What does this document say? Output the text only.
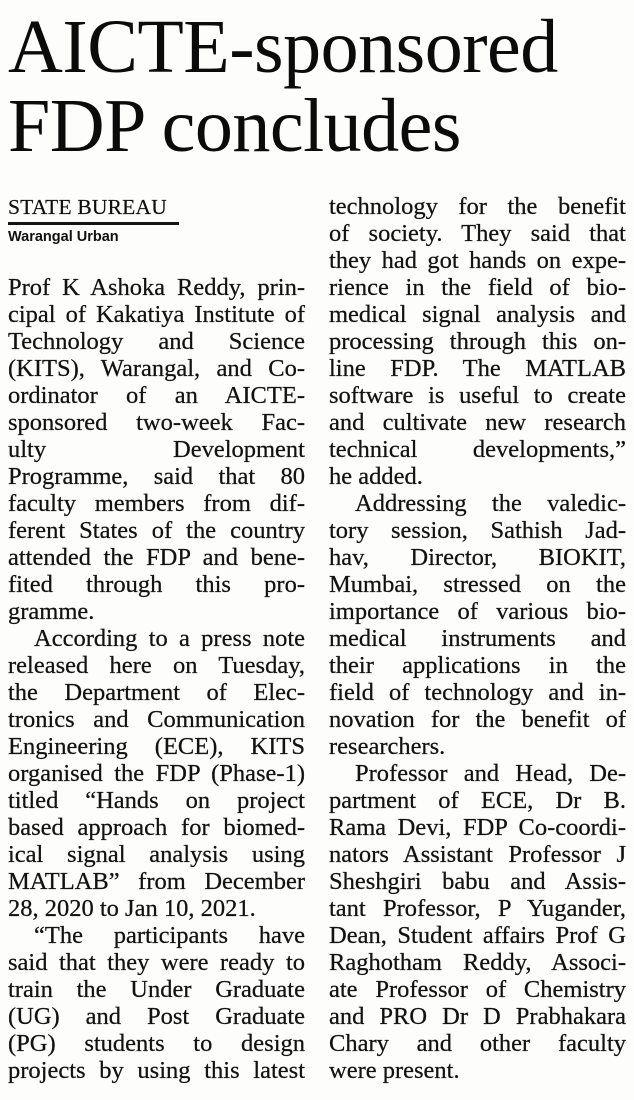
AICTE-sponsored FDP concludes
STATE BUREAU
Warangal Urban
Prof K Ashoka Reddy, prin-
cipal of Kakatiya Institute of
Technology and Science
(KITS), Warangal, and Co-
ordinator of an AICTE-
sponsored two-week Fac-
ulty Development
Programme, said that 80
faculty members from dif-
ferent States of the country
attended the FDP and bene-
fited through this pro-
gramme.
According to a press note
released here on Tuesday,
the Department of Elec-
tronics and Communication
Engineering (ECE), KITS
organised the FDP (Phase-1)
titled “Hands on project
based approach for biomed-
ical signal analysis using
MATLAB” from December
28, 2020 to Jan 10, 2021.
“The participants have
said that they were ready to
train the Under Graduate
(UG) and Post Graduate
(PG) students to design
projects by using this latest
technology for the benefit
of society. They said that
they had got hands on expe-
rience in the field of bio-
medical signal analysis and
processing through this on-
line FDP. The MATLAB
software is useful to create
and cultivate new research
technical developments,”
he added.
Addressing the valedic-
tory session, Sathish Jad-
hav, Director, BIOKIT,
Mumbai, stressed on the
importance of various bio-
medical instruments and
their applications in the
field of technology and in-
novation for the benefit of
researchers.
Professor and Head, De-
partment of ECE, Dr B.
Rama Devi, FDP Co-coordi-
nators Assistant Professor J
Sheshgiri babu and Assis-
tant Professor, P Yugander,
Dean, Student affairs Prof G
Raghotham Reddy, Associ-
ate Professor of Chemistry
and PRO Dr D Prabhakara
Chary and other faculty
were present.
